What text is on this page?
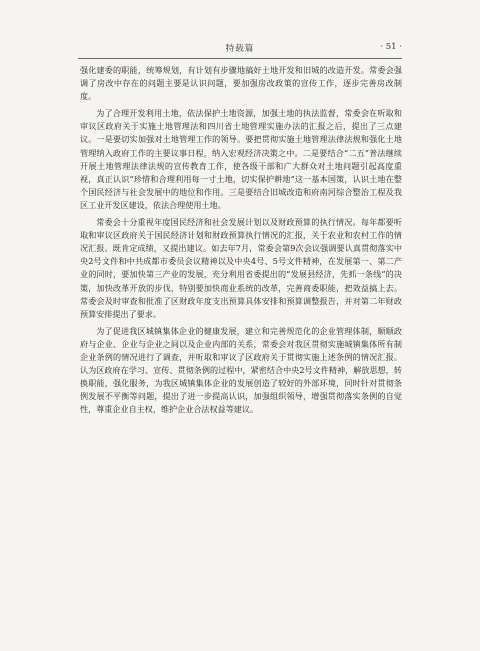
特载篇	· 51 ·

强化建委的职能，统筹规划，有计划有步骤地搞好土地开发和旧城的改造开发。常委会强调了房改中存在的问题主要是认识问题，要加强房改政策的宣传工作，逐步完善房改制度。

为了合理开发利用土地，依法保护土地资源，加强土地的执法监督，常委会在听取和审议区政府关于实施土地管理法和四川省土地管理实施办法的汇报之后，提出了三点建议。一是要切实加强对土地管理工作的领导。要把贯彻实施土地管理法律法规和强化土地管理纳入政府工作的主要议事日程，纳入宏观经济决策之中。二是要结合“二五”普法继续开展土地管理法律法规的宣传教育工作，使各级干部和广大群众对土地问题引起高度重视，真正认识“珍惜和合理利用每一寸土地，切实保护耕地”这一基本国策，认识土地在整个国民经济与社会发展中的地位和作用。三是要结合旧城改造和府南河综合整治工程及我区工业开发区建设，依法合理使用土地。

常委会十分重视年度国民经济和社会发展计划以及财政预算的执行情况。每年都要听取和审议区政府关于国民经济计划和财政预算执行情况的汇报，关于农业和农村工作的情况汇报。既肯定成绩，又提出建议。如去年7月，常委会第9次会议强调要认真贯彻落实中央2号文件和中共成都市委员会议精神以及中央4号、5号文件精神，在发展第一、第二产业的同时，要加快第三产业的发展，充分利用省委提出的“发展县经济，先抓一条线”的决策，加快改革开放的步伐，特别要加快商业系统的改革，完善商委职能，把效益搞上去。常委会及时审查和批准了区财政年度支出预算具体安排和预算调整报告，并对第二年财政预算安排提出了要求。

为了促进我区城镇集体企业的健康发展，建立和完善规范化的企业管理体制，顺顺政府与企业、企业与企业之间以及企业内部的关系，常委会对我区贯彻实施城镇集体所有制企业条例的情况进行了调查，并听取和审议了区政府关于贯彻实施上述条例的情况汇报。认为区政府在学习、宣传、贯彻条例的过程中，紧密结合中央2号文件精神，解放思想，转换职能，强化服务，为我区城镇集体企业的发展创造了较好的外部环境，同时针对贯彻条例发展不平衡等问题，提出了进一步提高认识，加强组织领导，增强贯彻落实条例的自觉性，尊重企业自主权，维护企业合法权益等建议。
